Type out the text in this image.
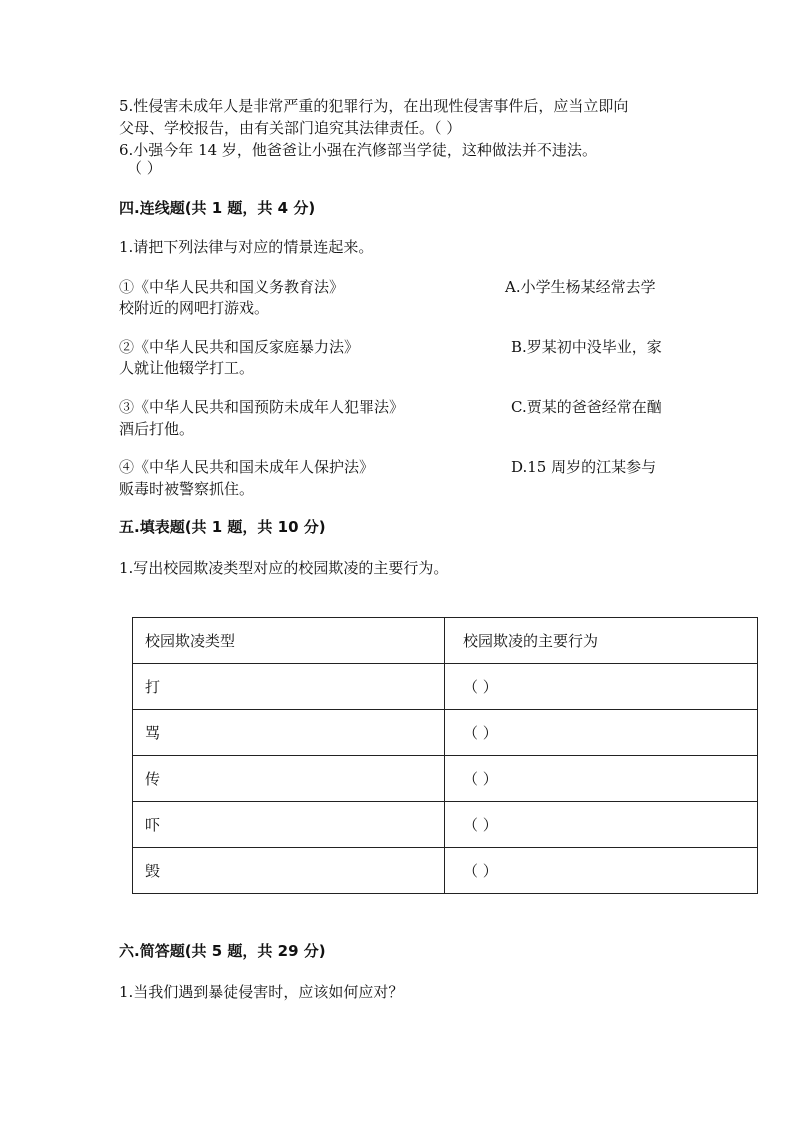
5.性侵害未成年人是非常严重的犯罪行为，在出现性侵害事件后，应当立即向
父母、学校报告，由有关部门追究其法律责任。（ ）
6.小强今年 14 岁，他爸爸让小强在汽修部当学徒，这种做法并不违法。
（ ）
四.连线题(共 1 题，共 4 分)
1.请把下列法律与对应的情景连起来。
①《中华人民共和国义务教育法》	A.小学生杨某经常去学
校附近的网吧打游戏。
②《中华人民共和国反家庭暴力法》	B.罗某初中没毕业，家
人就让他辍学打工。
③《中华人民共和国预防未成年人犯罪法》	C.贾某的爸爸经常在酗
酒后打他。
④《中华人民共和国未成年人保护法》	D.15 周岁的江某参与
贩毒时被警察抓住。
五.填表题(共 1 题，共 10 分)
1.写出校园欺凌类型对应的校园欺凌的主要行为。
校园欺凌类型	校园欺凌的主要行为
打	（ ）
骂	（ ）
传	（ ）
吓	（ ）
毁	（ ）
六.简答题(共 5 题，共 29 分)
1.当我们遇到暴徒侵害时，应该如何应对？
